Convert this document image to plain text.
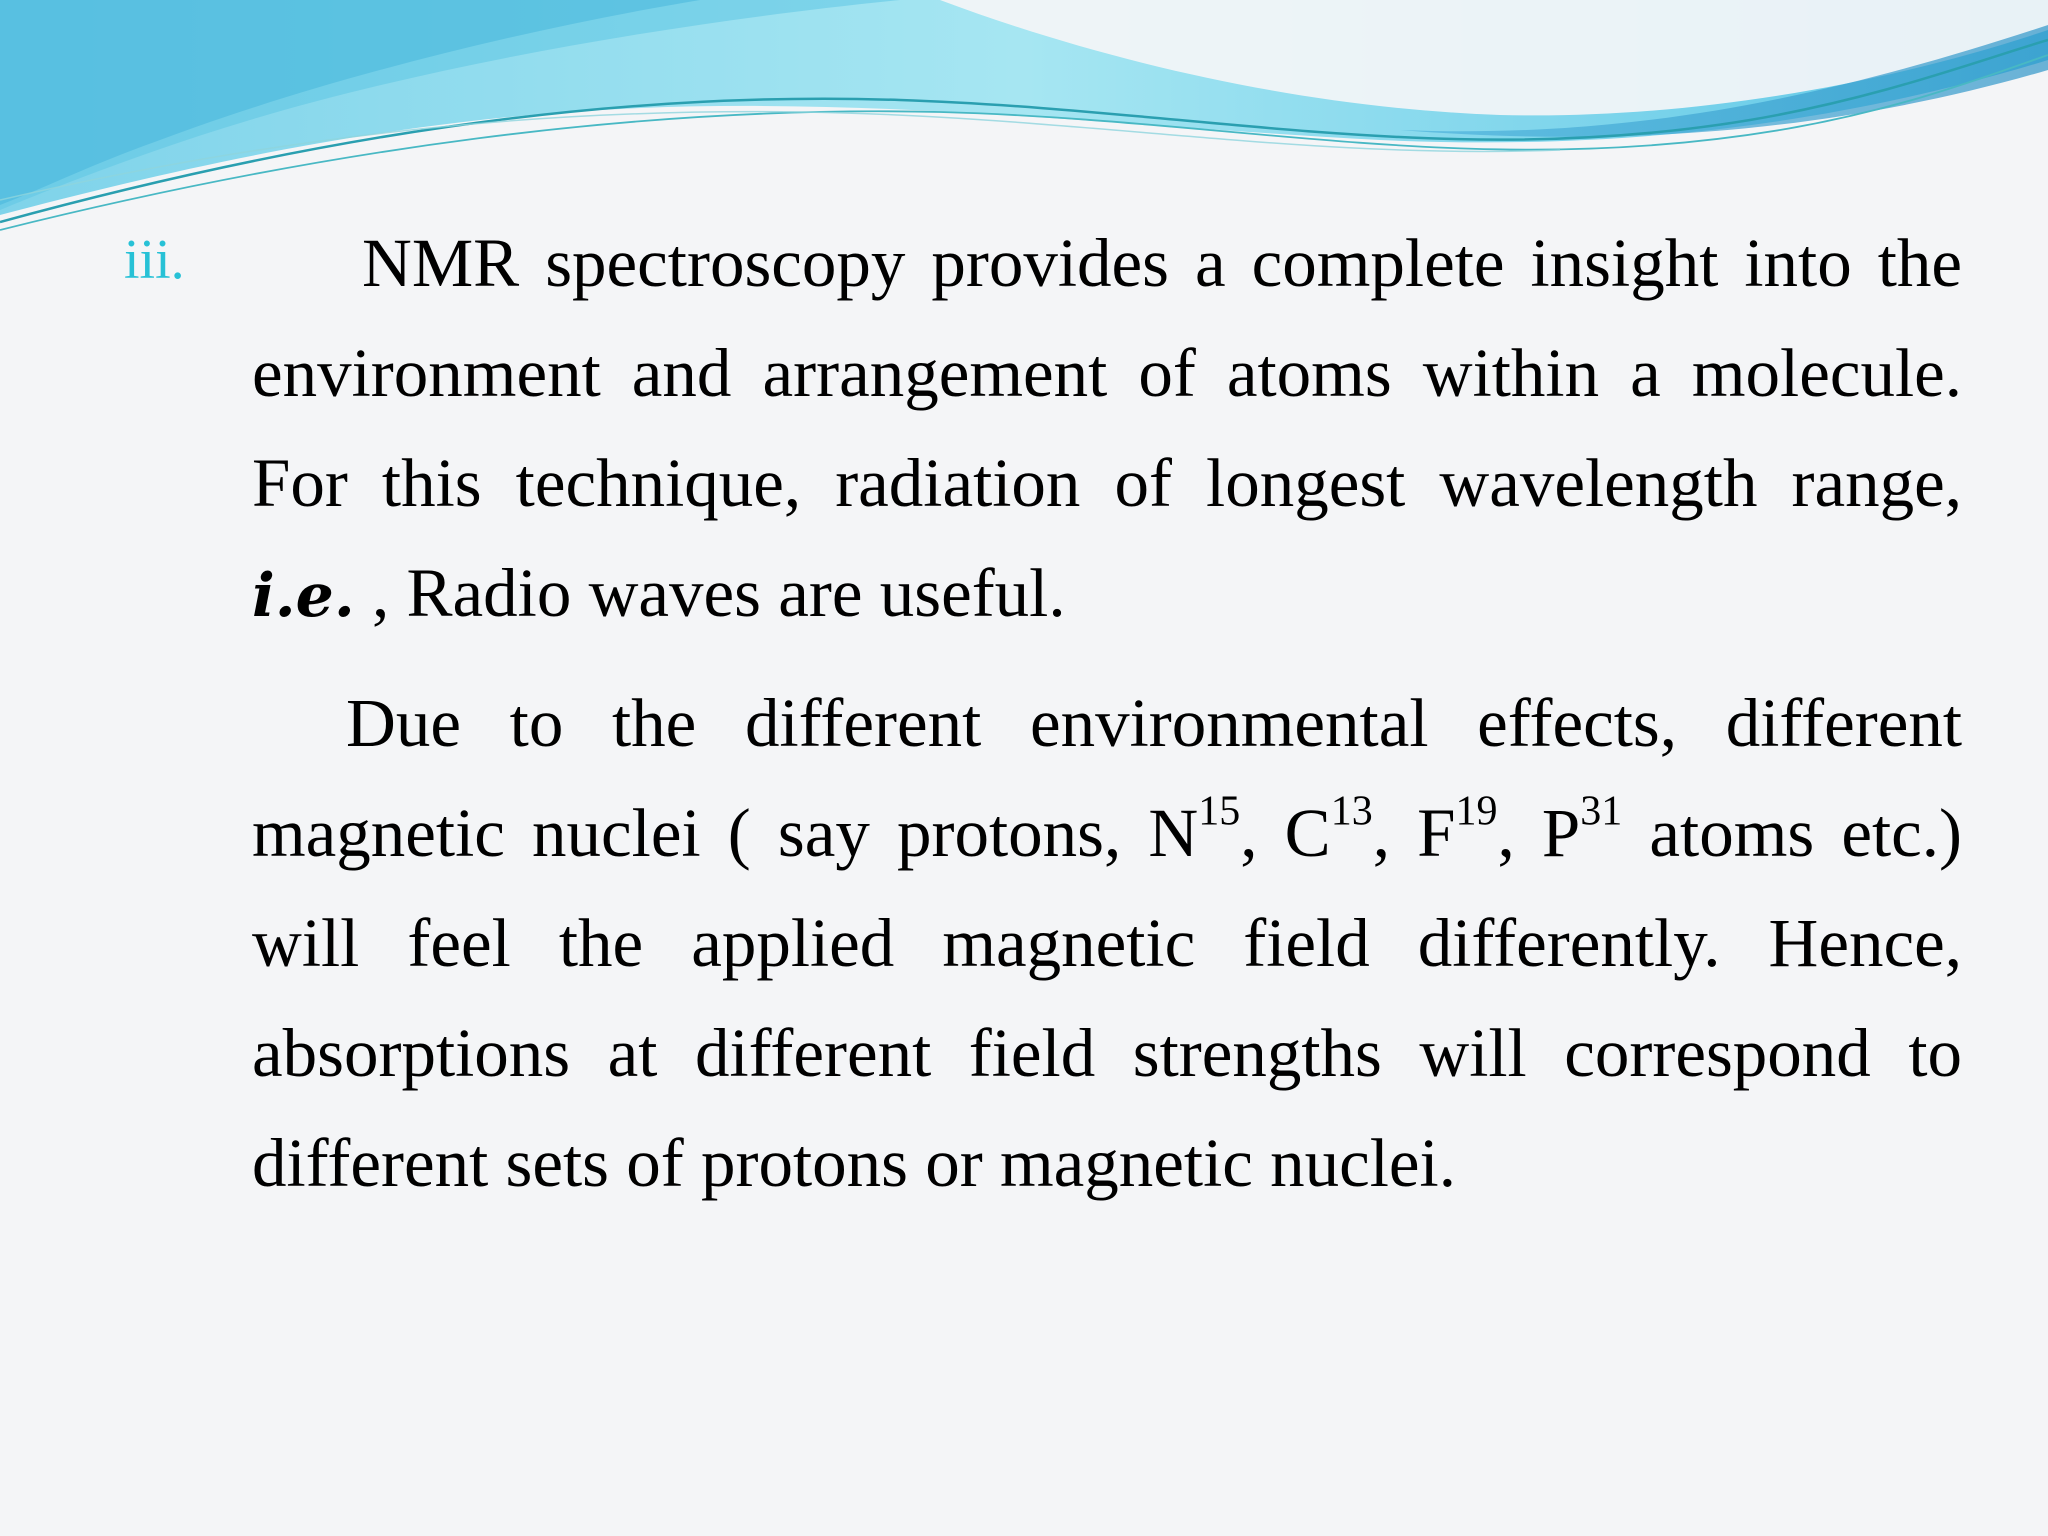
iii.	NMR spectroscopy provides a complete insight into the environment and arrangement of atoms within a molecule. For this technique, radiation of longest wavelength range, i.e. , Radio waves are useful.

Due to the different environmental effects, different magnetic nuclei ( say protons, $N^{15}$, $C^{13}$, $F^{19}$, $P^{31}$ atoms etc.) will feel the applied magnetic field differently. Hence, absorptions at different field strengths will correspond to different sets of protons or magnetic nuclei.
